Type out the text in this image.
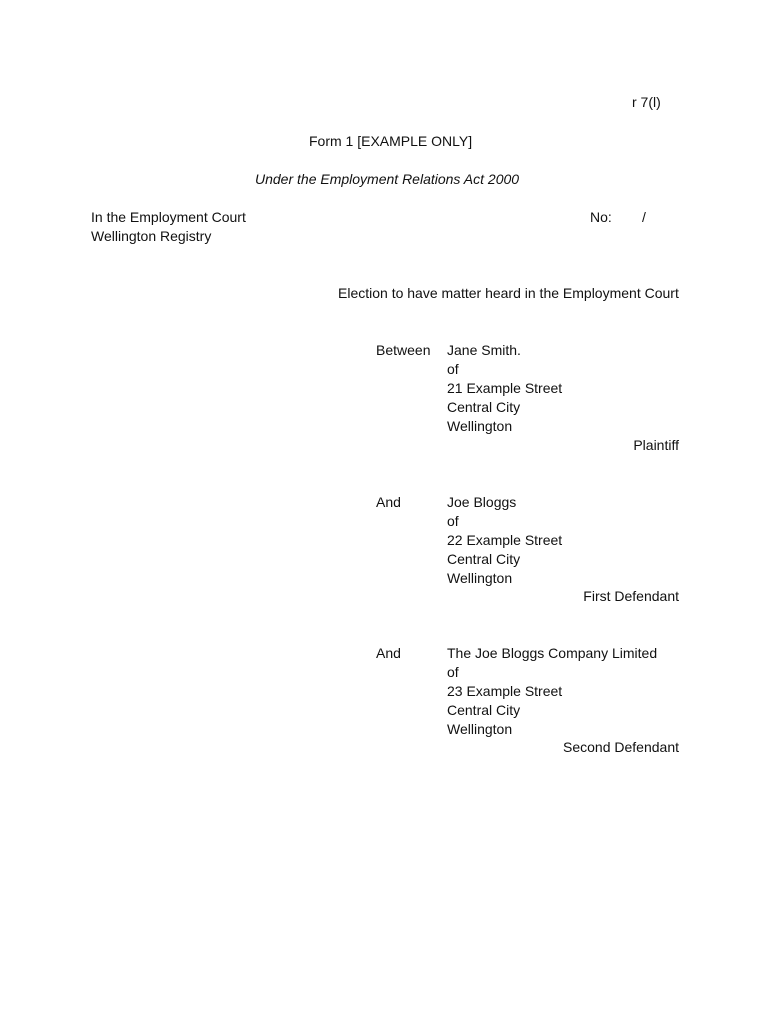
r 7(l)
Form 1 [EXAMPLE ONLY]
Under the Employment Relations Act 2000
In the Employment Court
Wellington Registry
No: /
Election to have matter heard in the Employment Court
Between Jane Smith.
of
21 Example Street
Central City
Wellington
Plaintiff
And	Joe Bloggs
of
22 Example Street
Central City
Wellington
First Defendant
And	The Joe Bloggs Company Limited
of
23 Example Street
Central City
Wellington
Second Defendant
